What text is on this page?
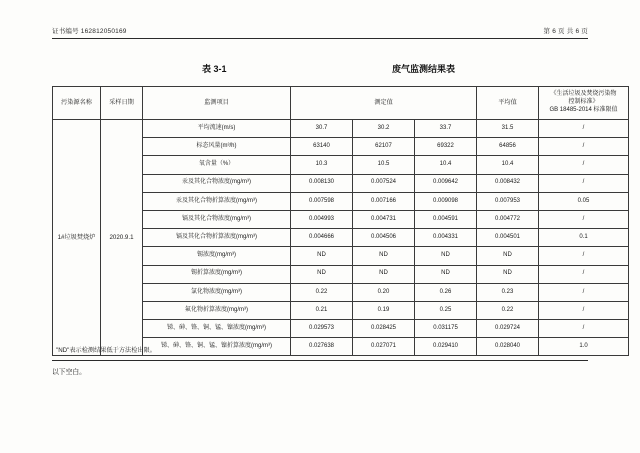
证书编号 162812050169	第 6 页 共 6 页
表 3-1	废气监测结果表
污染源名称	采样日期	监测项目	测定值			平均值	《生活垃圾及焚烧污染物
控制标准》
GB 18485-2014 标准限值

1#垃圾焚烧炉	2020.9.1	平均流速(m/s)	30.7	30.2	33.7	31.5	/
		标态风量(m³/h)	63140	62107	69322	64856	/
		氧含量（%）	10.3	10.5	10.4	10.4	/
		汞及其化合物浓度(mg/m³)	0.008130	0.007524	0.009642	0.008432	/
		汞及其化合物折算浓度(mg/m³)	0.007598	0.007166	0.009098	0.007953	0.05
		镉及其化合物浓度(mg/m³)	0.004993	0.004731	0.004591	0.004772	/
		镉及其化合物折算浓度(mg/m³)	0.004666	0.004506	0.004331	0.004501	0.1
		锡浓度(mg/m³)	ND	ND	ND	ND	/
		锡折算浓度(mg/m³)	ND	ND	ND	ND	/
		氯化物浓度(mg/m³)	0.22	0.20	0.26	0.23	/
		氟化物折算浓度(mg/m³)	0.21	0.19	0.25	0.22	/
		锑、砷、铬、铜、锰、镍浓度(mg/m³)	0.029573	0.028425	0.031175	0.029724	/
		锑、砷、铬、铜、锰、镍折算浓度(mg/m³)	0.027638	0.027071	0.029410	0.028040	1.0
"ND"表示检测结果低于方法检出限。
以下空白。
